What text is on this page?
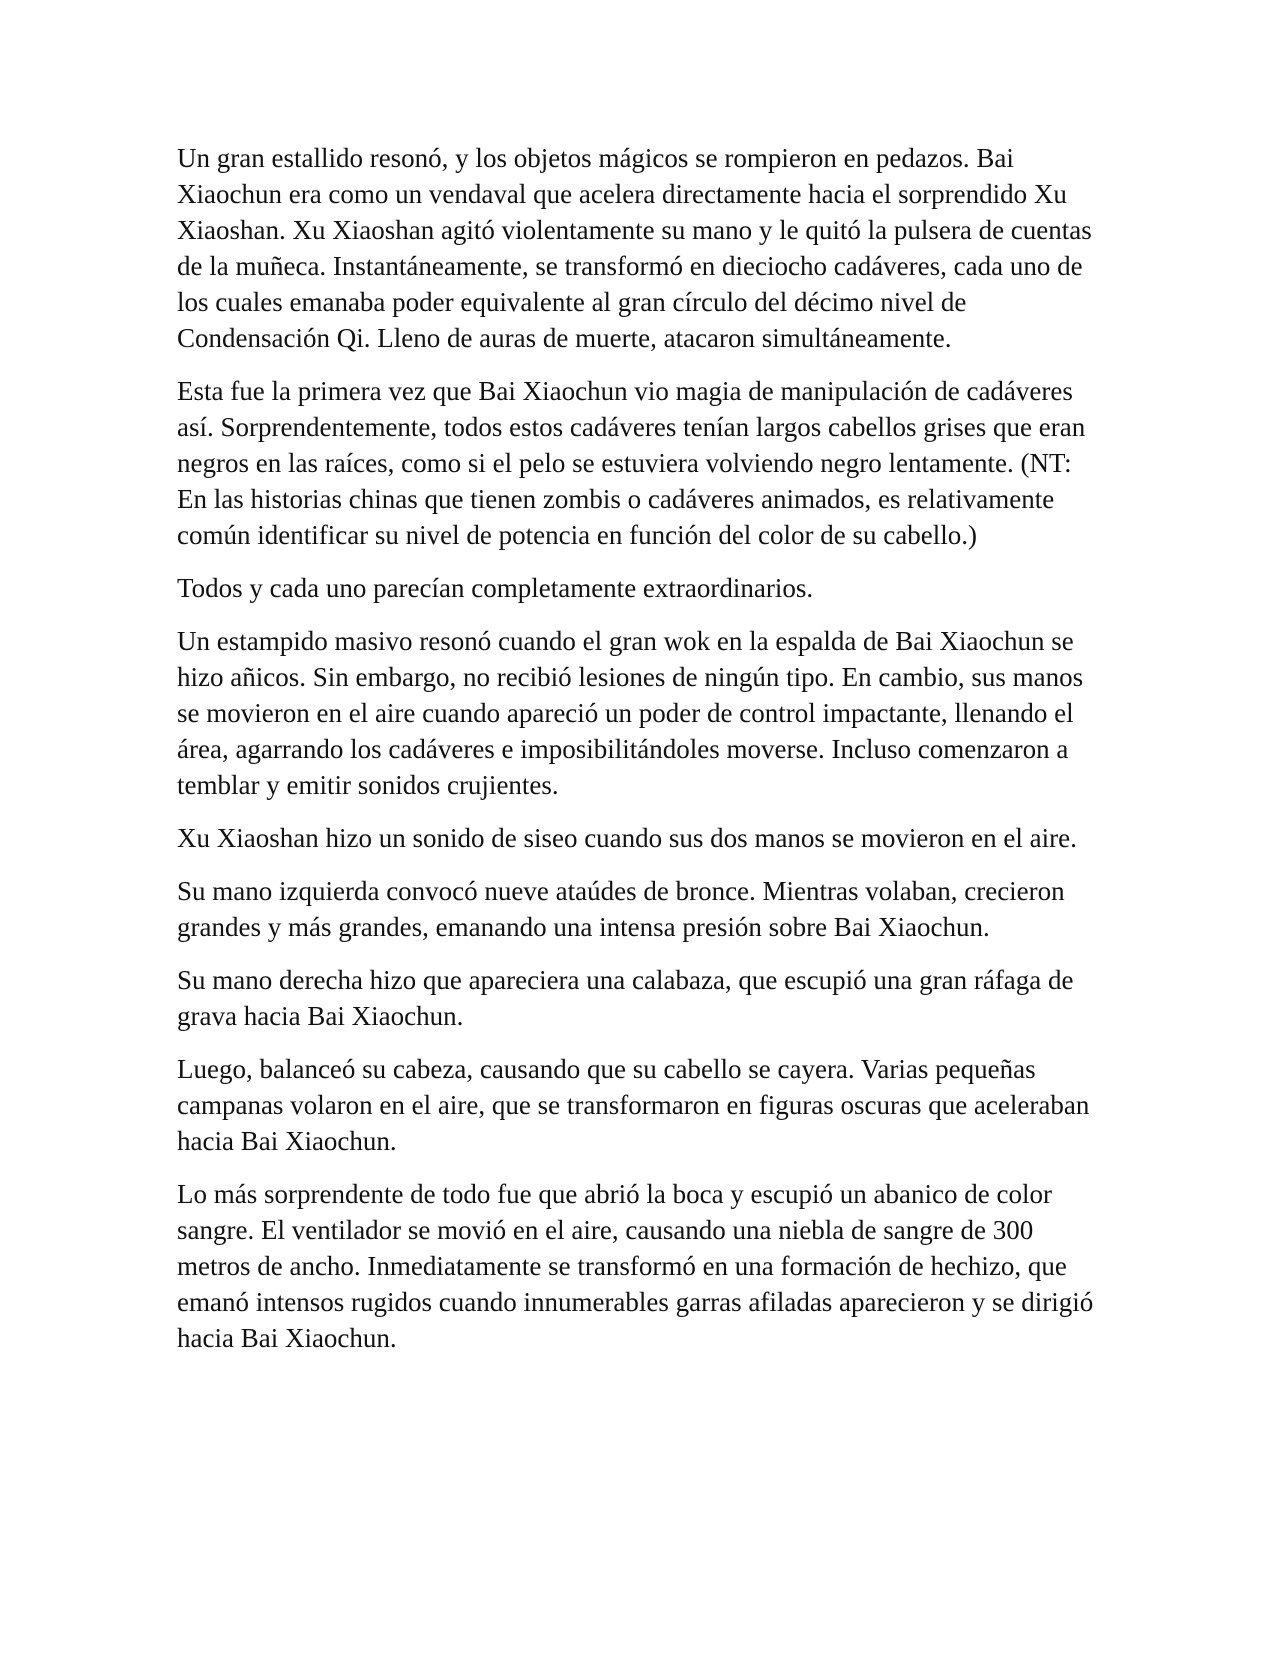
Un gran estallido resonó, y los objetos mágicos se rompieron en pedazos. Bai Xiaochun era como un vendaval que acelera directamente hacia el sorprendido Xu Xiaoshan. Xu Xiaoshan agitó violentamente su mano y le quitó la pulsera de cuentas de la muñeca. Instantáneamente, se transformó en dieciocho cadáveres, cada uno de los cuales emanaba poder equivalente al gran círculo del décimo nivel de Condensación Qi. Lleno de auras de muerte, atacaron simultáneamente.

Esta fue la primera vez que Bai Xiaochun vio magia de manipulación de cadáveres así. Sorprendentemente, todos estos cadáveres tenían largos cabellos grises que eran negros en las raíces, como si el pelo se estuviera volviendo negro lentamente. (NT: En las historias chinas que tienen zombis o cadáveres animados, es relativamente común identificar su nivel de potencia en función del color de su cabello.)

Todos y cada uno parecían completamente extraordinarios.

Un estampido masivo resonó cuando el gran wok en la espalda de Bai Xiaochun se hizo añicos. Sin embargo, no recibió lesiones de ningún tipo. En cambio, sus manos se movieron en el aire cuando apareció un poder de control impactante, llenando el área, agarrando los cadáveres e imposibilitándoles moverse. Incluso comenzaron a temblar y emitir sonidos crujientes.

Xu Xiaoshan hizo un sonido de siseo cuando sus dos manos se movieron en el aire.

Su mano izquierda convocó nueve ataúdes de bronce. Mientras volaban, crecieron grandes y más grandes, emanando una intensa presión sobre Bai Xiaochun.

Su mano derecha hizo que apareciera una calabaza, que escupió una gran ráfaga de grava hacia Bai Xiaochun.

Luego, balanceó su cabeza, causando que su cabello se cayera. Varias pequeñas campanas volaron en el aire, que se transformaron en figuras oscuras que aceleraban hacia Bai Xiaochun.

Lo más sorprendente de todo fue que abrió la boca y escupió un abanico de color sangre. El ventilador se movió en el aire, causando una niebla de sangre de 300 metros de ancho. Inmediatamente se transformó en una formación de hechizo, que emanó intensos rugidos cuando innumerables garras afiladas aparecieron y se dirigió hacia Bai Xiaochun.
